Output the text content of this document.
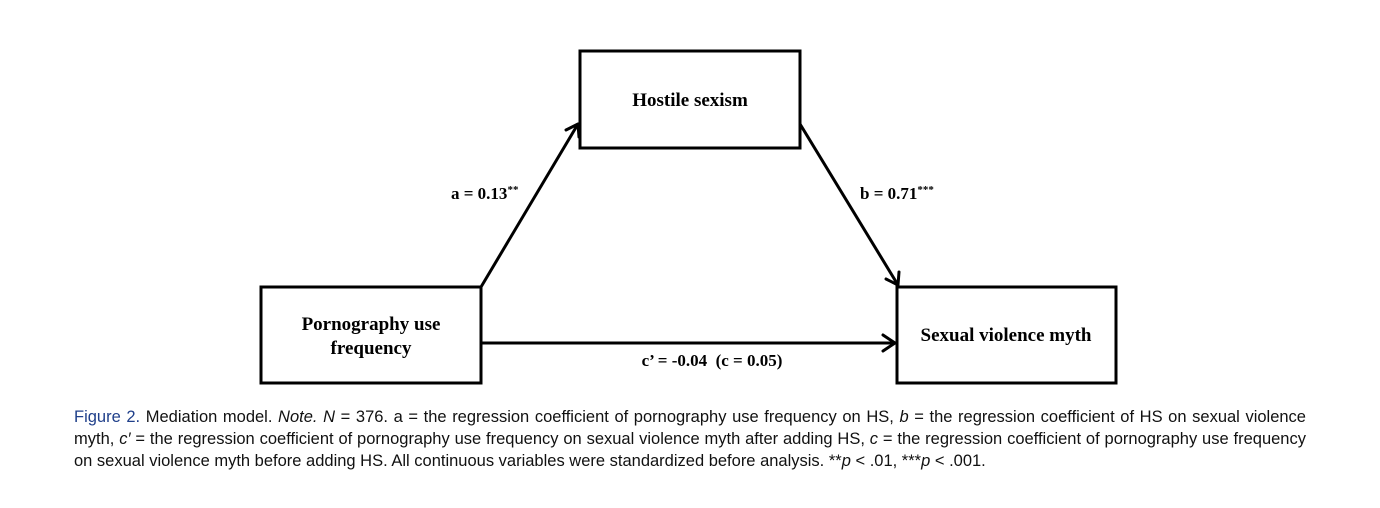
Hostile sexism
Pornography use
frequency
Sexual violence myth
a = 0.13**	b = 0.71***
c’ = -0.04  (c = 0.05)
Figure 2. Mediation model. Note. N = 376. a = the regression coefficient of pornography use frequency on HS, b = the regression coefficient of HS on sexual violence myth, c′ = the regression coefficient of pornography use frequency on sexual violence myth after adding HS, c = the regression coefficient of pornography use frequency on sexual violence myth before adding HS. All continuous variables were standardized before analysis. **p < .01, ***p < .001.
